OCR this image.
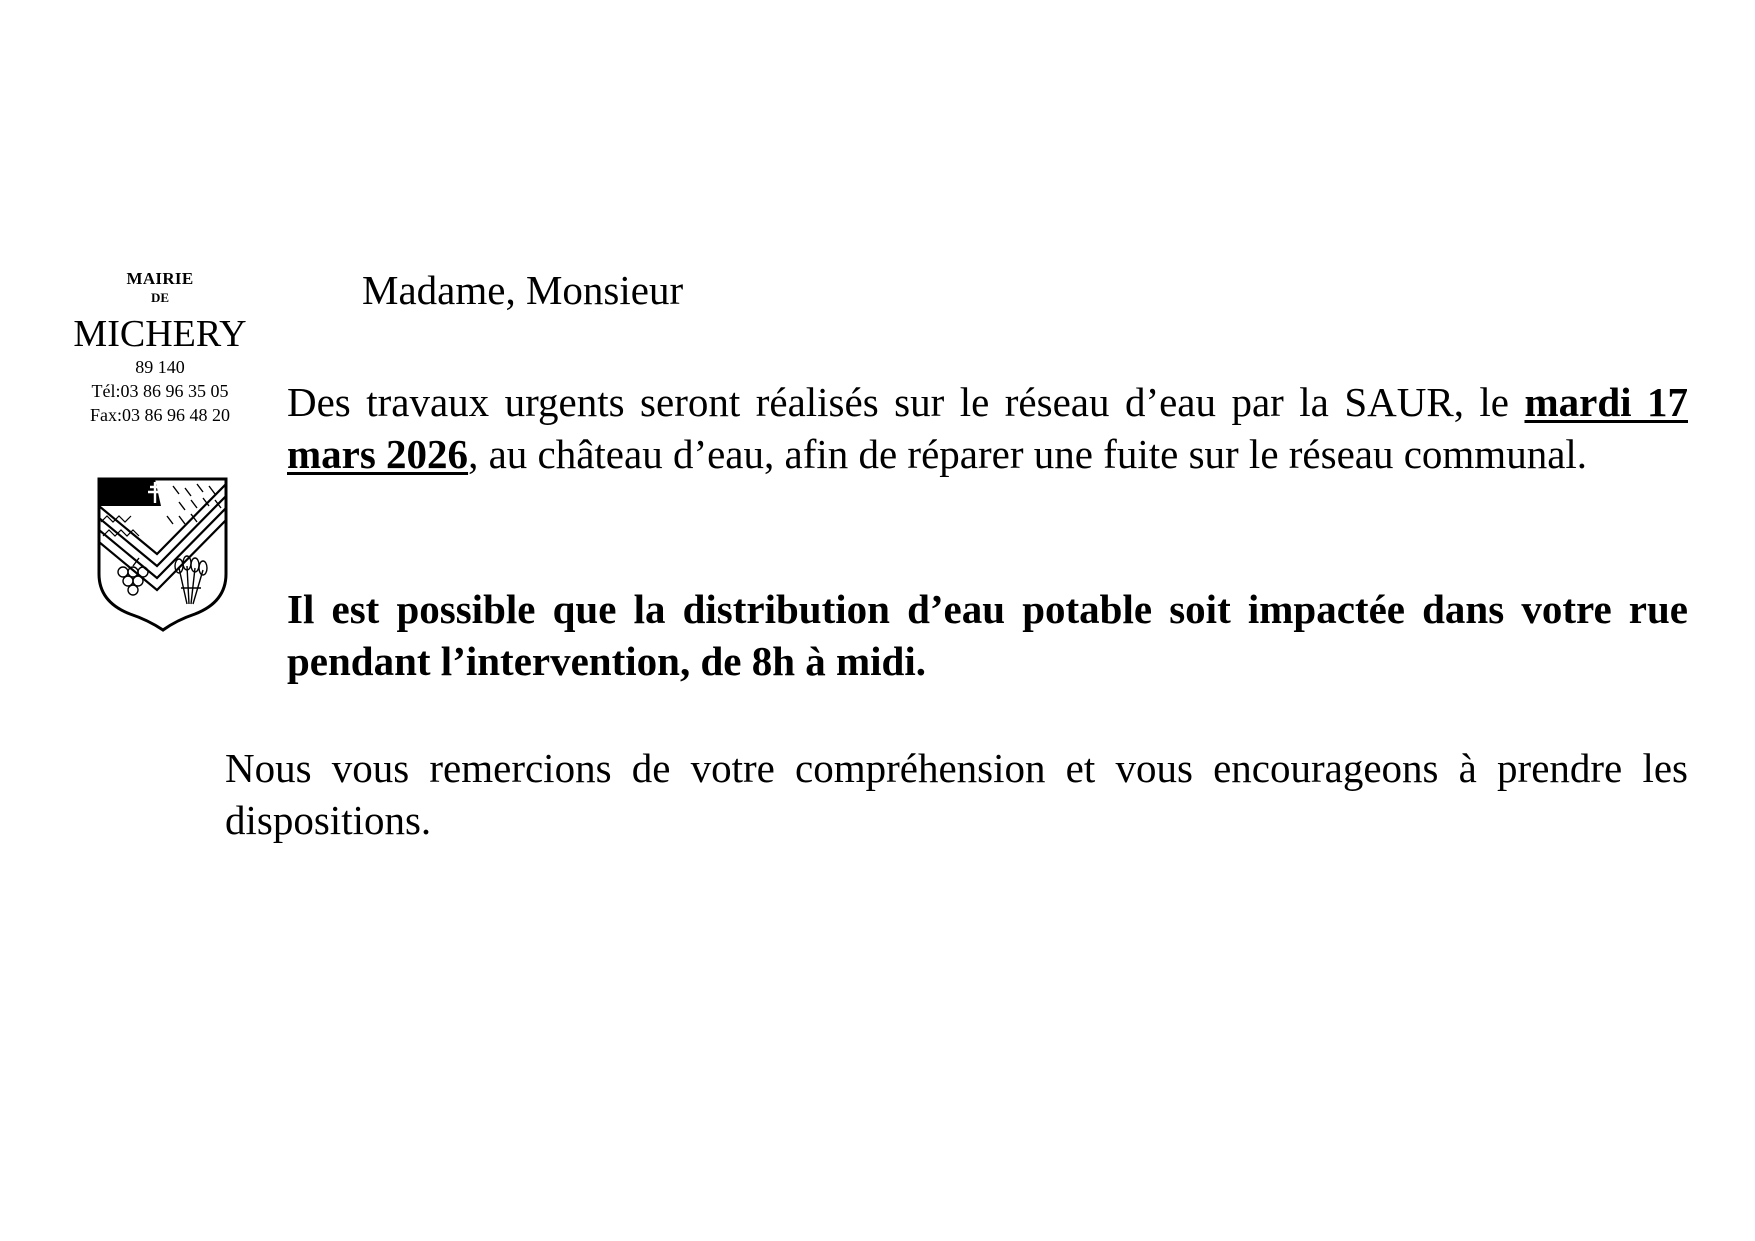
MAIRIE
DE
MICHERY
89 140
Tél:03 86 96 35 05
Fax:03 86 96 48 20
Madame, Monsieur
Des travaux urgents seront réalisés sur le réseau d’eau par la SAUR, le mardi 17 mars 2026, au château d’eau, afin de réparer une fuite sur le réseau communal.
Il est possible que la distribution d’eau potable soit impactée dans votre rue pendant l’intervention, de 8h à midi.
Nous vous remercions de votre compréhension et vous encourageons à prendre les dispositions.
